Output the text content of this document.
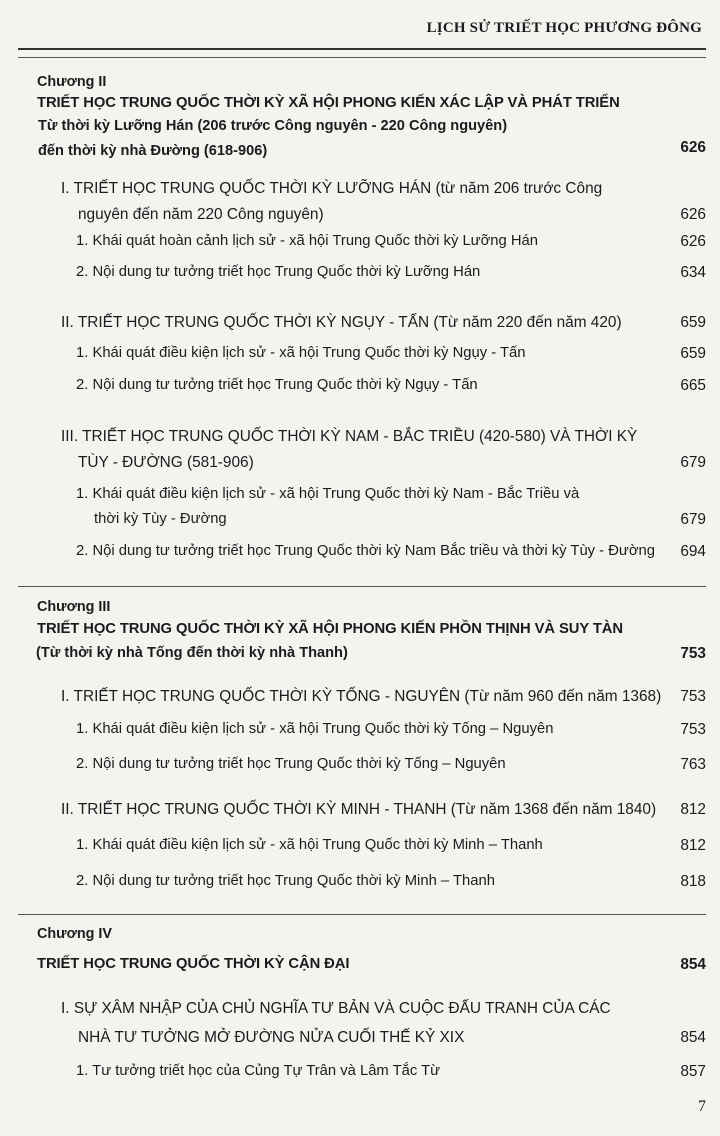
LỊCH SỬ TRIẾT HỌC PHƯƠNG ĐÔNG
Chương II
TRIẾT HỌC TRUNG QUỐC THỜI KỲ XÃ HỘI PHONG KIẾN XÁC LẬP VÀ PHÁT TRIỂN
Từ thời kỳ Lưỡng Hán (206 trước Công nguyên - 220 Công nguyên)
đến thời kỳ nhà Đường (618-906)	626
I. TRIẾT HỌC TRUNG QUỐC THỜI KỲ LƯỠNG HÁN (từ năm 206 trước Công
nguyên đến năm 220 Công nguyên)	626
1. Khái quát hoàn cảnh lịch sử - xã hội Trung Quốc thời kỳ Lưỡng Hán	626
2. Nội dung tư tưởng triết học Trung Quốc thời kỳ Lưỡng Hán	634
II. TRIẾT HỌC TRUNG QUỐC THỜI KỲ NGỤY - TẤN (Từ năm 220 đến năm 420)	659
1. Khái quát điều kiện lịch sử - xã hội Trung Quốc thời kỳ Ngụy - Tấn	659
2. Nội dung tư tưởng triết học Trung Quốc thời kỳ Ngụy - Tấn	665
III. TRIẾT HỌC TRUNG QUỐC THỜI KỲ NAM - BẮC TRIỀU (420-580) VÀ THỜI KỲ
TÙY - ĐƯỜNG (581-906)	679
1. Khái quát điều kiện lịch sử - xã hội Trung Quốc thời kỳ Nam - Bắc Triều và
thời kỳ Tùy - Đường	679
2. Nội dung tư tưởng triết học Trung Quốc thời kỳ Nam Bắc triều và thời kỳ Tùy - Đường 694
Chương III
TRIẾT HỌC TRUNG QUỐC THỜI KỲ XÃ HỘI PHONG KIẾN PHỒN THỊNH VÀ SUY TÀN
(Từ thời kỳ nhà Tống đến thời kỳ nhà Thanh)	753
I. TRIẾT HỌC TRUNG QUỐC THỜI KỲ TỐNG - NGUYÊN (Từ năm 960 đến năm 1368) 753
1. Khái quát điều kiện lịch sử - xã hội Trung Quốc thời kỳ Tống – Nguyên	753
2. Nội dung tư tưởng triết học Trung Quốc thời kỳ Tống – Nguyên	763
II. TRIẾT HỌC TRUNG QUỐC THỜI KỲ MINH - THANH (Từ năm 1368 đến năm 1840) 812
1. Khái quát điều kiện lịch sử - xã hội Trung Quốc thời kỳ Minh – Thanh	812
2. Nội dung tư tưởng triết học Trung Quốc thời kỳ Minh – Thanh	818
Chương IV
TRIẾT HỌC TRUNG QUỐC THỜI KỲ CẬN ĐẠI	854
I. SỰ XÂM NHẬP CỦA CHỦ NGHĨA TƯ BẢN VÀ CUỘC ĐẤU TRANH CỦA CÁC
NHÀ TƯ TƯỞNG MỞ ĐƯỜNG NỬA CUỐI THẾ KỶ XIX	854
1. Tư tưởng triết học của Củng Tự Trân và Lâm Tắc Từ	857
7
